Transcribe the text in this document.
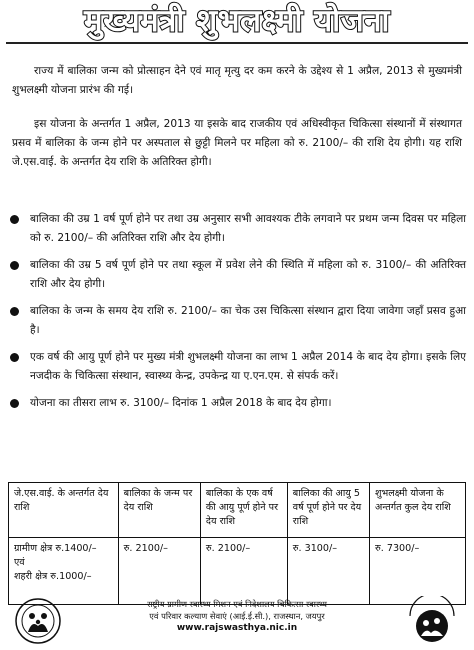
मुख्यमंत्री शुभलक्ष्मी योजना
राज्य में बालिका जन्म को प्रोत्साहन देने एवं मातृ मृत्यु दर कम करने के उद्देश्य से 1 अप्रैल, 2013 से मुख्यमंत्री शुभलक्ष्मी योजना प्रारंभ की गई।
इस योजना के अन्तर्गत 1 अप्रैल, 2013 या इसके बाद राजकीय एवं अधिस्वीकृत चिकित्सा संस्थानों में संस्थागत प्रसव में बालिका के जन्म होने पर अस्पताल से छुट्टी मिलने पर महिला को रु. 2100/– की राशि देय होगी। यह राशि जे.एस.वाई. के अन्तर्गत देय राशि के अतिरिक्त होगी।
बालिका की उम्र 1 वर्ष पूर्ण होने पर तथा उम्र अनुसार सभी आवश्यक टीके लगवाने पर प्रथम जन्म दिवस पर महिला को रु. 2100/– की अतिरिक्त राशि और देय होगी।
बालिका की उम्र 5 वर्ष पूर्ण होने पर तथा स्कूल में प्रवेश लेने की स्थिति में महिला को रु. 3100/– की अतिरिक्त राशि और देय होगी।
बालिका के जन्म के समय देय राशि रु. 2100/– का चेक उस चिकित्सा संस्थान द्वारा दिया जावेगा जहाँ प्रसव हुआ है।
एक वर्ष की आयु पूर्ण होने पर मुख्य मंत्री शुभलक्ष्मी योजना का लाभ 1 अप्रैल 2014 के बाद देय होगा। इसके लिए नजदीक के चिकित्सा संस्थान, स्वास्थ्य केन्द्र, उपकेन्द्र या ए.एन.एम. से संपर्क करें।
योजना का तीसरा लाभ रु. 3100/– दिनांक 1 अप्रैल 2018 के बाद देय होगा।
जे.एस.वाई. के अन्तर्गत देय राशि	बालिका के जन्म पर देय राशि	बालिका के एक वर्ष की आयु पूर्ण होने पर देय राशि	बालिका की आयु 5 वर्ष पूर्ण होने पर देय राशि	शुभलक्ष्मी योजना के अन्तर्गत कुल देय राशि

ग्रामीण क्षेत्र रु.1400/–
एवं
शहरी क्षेत्र रु.1000/–	रु. 2100/–	रु. 2100/–	रु. 3100/–	रु. 7300/–
राष्ट्रीय ग्रामीण स्वास्थ्य मिशन एवं निदेशालय चिकित्सा स्वास्थ्य
एवं परिवार कल्याण सेवाएं (आई.ई.सी.), राजस्थान, जयपुर
www.rajswasthya.nic.in
